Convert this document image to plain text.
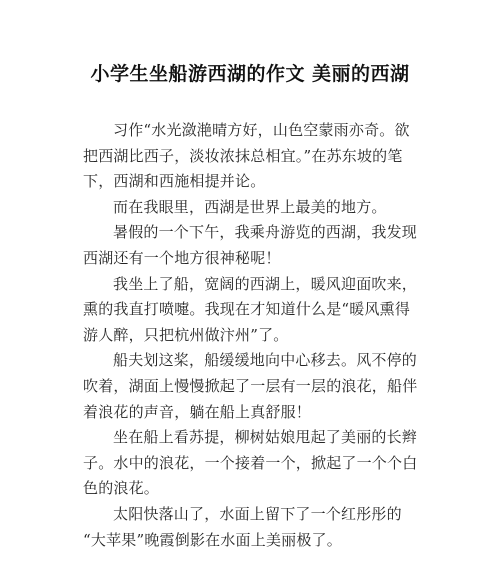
小学生坐船游西湖的作文 美丽的西湖
习作“水光潋滟晴方好，山色空蒙雨亦奇。欲
把西湖比西子，淡妆浓抹总相宜。”在苏东坡的笔
下，西湖和西施相提并论。
而在我眼里，西湖是世界上最美的地方。
暑假的一个下午，我乘舟游览的西湖，我发现
西湖还有一个地方很神秘呢！
我坐上了船，宽阔的西湖上，暖风迎面吹来，
熏的我直打喷嚏。我现在才知道什么是“暖风熏得
游人醉，只把杭州做汴州”了。
船夫划这桨，船缓缓地向中心移去。风不停的
吹着，湖面上慢慢掀起了一层有一层的浪花，船伴
着浪花的声音，躺在船上真舒服！
坐在船上看苏提，柳树姑娘甩起了美丽的长辫
子。水中的浪花，一个接着一个，掀起了一个个白
色的浪花。
太阳快落山了，水面上留下了一个红彤彤的
“大苹果”晚霞倒影在水面上美丽极了。
